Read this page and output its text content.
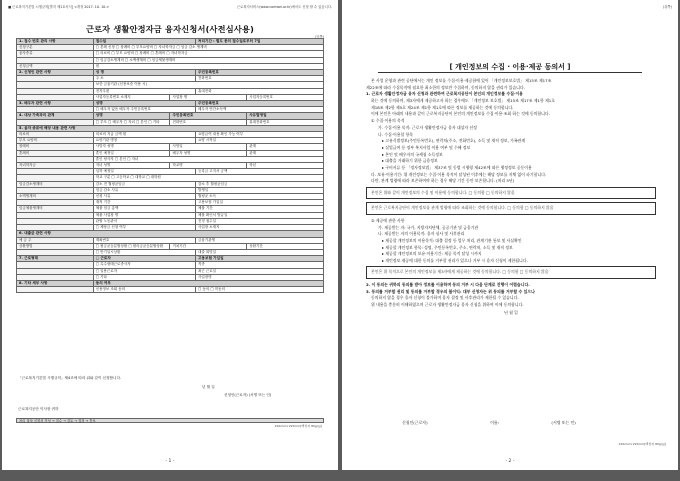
■ 근로복지기본법 시행규칙[별지 제1호서식] <개정 2017. 10. 10.>	근로복지서비스(www.comwel.or.kr)에서도 신청 할 수 있습니다.
근로자 생활안정자금 융자신청서(사전심사용)
(앞쪽)
1. 접수 번호 관리 사항	접수일		처리기간 : 별도 문의 접수일로부터 7일	
신청구분	□ 혼례 신청 □ 장례비 □ 부모요양비 □ 자녀학자금 □ 임금 감소 생계비			
융자종류	□ 의료비 □ 부모 요양비 □ 장례비 □ 혼례비 □ 자녀학자금			
	□ 임금감소생계비 □ 소액생계비 □ 임금체불생계비			
신청금액	원			
2. 신청인 관련 사항	성 명		주민등록번호	
	주 소		전화번호	
	보증 금융기관 (신용보증 이용 시)			
	전자우편		휴대전화	
	사업자등록번호 소재지	사업장 명		사업자등록번호
3. 배우자 관련 사항	성명		주민등록번호	
	□ 배우자 없음 배우자 주민등록번호		배우자 연간소득액	
4. 대상 가족과의 관계	성명	주민등록번호		사유발생일
	□ 부모 □ 배우자 □ 자녀 □ 본인 □ 기타	전화번호		휴대전화번호
5. 융자 종류에 해당 내용 관련 사항				
의료비	의료비 지급 금액 원		요양급여 내용 확인 가능 여부	
부모 요양비	요양기관 명칭		요양 시작일	
장례비	사망자 성명	사망일		관계
혼례비	혼인 예정일	배우자 성명		관계
	혼인 당사자 □ 본인 □ 자녀			
자녀학자금	자녀 성명	학교명		학년
	입학 예정일		등록금 고지서 금액	
	학교 구분 □ 고등학교 □ 대학교 □ 대학원			
임금감소생계비	감소 전 월평균임금		감소 후 월평균임금	
	임금 감소 사유		발생일	
소액생계비	신청 사유		월평균 소득	
	재직 기간		고용보험 가입일	
임금체불생계비	체불 임금 총액		체불 기간	
	체불 사업장 명		체불 확인서 발급일	
	관할 노동관서		진정 접수일	
	□ 체당금 신청 여부		사업장 소재지	
6. 대출금 관련 사항				
예 금 주	계좌번호		금융기관명	
상환방법	□ 원금균등분할상환 □ 원리금균등분할상환	거치기간		상환기간
	□ 만기일시상환		대출 희망일	
7. 근로형태	□ 근로자		고용보험 가입일	
	□ 특수형태근로종사자		직종	
	□ 일용근로자		최근 근로일	
	□ 기타		사업장명	
8. 기타 세부 사항	동의 여부			
	신용정보 조회 동의		□ 동의 □ 미동의	
「근로복지기본법 시행규칙」제4조에 따라 위와 같이 신청합니다.
년 월 일
신청인(근로자) (서명 또는 인)
근로복지공단 이사장 귀하
처리 절차 신청서 작성 → 접수 → 검토 → 결정 → 통보
210mm×297mm[백상지 80g/㎡]
- 1 -
(뒤쪽)
[ 개인정보의 수집 · 이용·제공 동의서 ]

본 사업 운영과 관련 공단에서는 개인 정보를 수집·이용·제공함에 있어 「개인정보보호법」 제15조 제17조

제22조에 따라 수집목적에 필요한 최소한의 정보만 수집하며, 동의하지 않을 권리가 있습니다.

1. 근로자 생활안정자금 융자 신청과 관련하여 근로복지공단이 본인의 개인정보를 수집·이용

하는 것에 동의하며, 제3자에게 제공하고자 하는 경우에도 「개인정보 보호법」 제15조 제17조 제1항 제1호

제18조 제2항 제5호 제24조 제1항 제1호에 따른 정보를 제공하는 것에 동의합니다.

이에 본인은 아래의 내용과 같이 근로복지공단이 본인의 개인정보를 수집·이용·조회 하는 것에 동의합니다.

① 수집·이용의 목적

가. 수집·이용 목적: 근로자 생활안정자금 융자 대상자 선정

나. 수집·이용할 항목

▸ 고유식별정보(주민등록번호), 연락처(주소, 전화번호), 소득 및 재직 정보, 가족관계

▸ 실업급여 등 정부 복지사업 이용 여부 및 수혜 정보

▸ 본인 및 배우자의 국세청 소득정보

▸ 대출을 거래하기 위한 금융정보

▸ 구비서류 등 「정자정보법」 제37조 및 동법 시행령 제42조에 따른 행정정보 공동이용

다. 보유·이용기간: 위 개인정보는 수집·이용 목적이 달성된 이후에는 해당 정보를 지체 없이 파기합니다.

다만, 관계 법령에 따라 보존하여야 하는 경우 해당 기간 동안 보존합니다. (처리 5년)

본인은 위와 같이 개인정보의 수집 및 이용에 동의합니다. □ 동의함 □ 동의하지 않음

본인은 근로복지공단이 개인정보를 관계 법령에 따라 조회하는 것에 동의합니다. □ 동의함 □ 동의하지 않음

② 제공에 관한 사항

가. 제공받는 자: 국가, 지방자치단체, 공공기관 및 금융기관

나. 제공받는 자의 이용목적: 융자 심사 및 사후관리

▸ 제공할 개인정보의 이용목적: 대출 결정 등 업무 처리, 관계기관 통보 및 사실확인

▸ 제공할 개인정보 항목: 성명, 주민등록번호, 주소, 연락처, 소득 및 재직 정보

▸ 제공할 개인정보의 보유·이용기간: 제공 목적 달성 시까지

▸ 개인정보 제공에 대한 동의를 거부할 권리가 있으나 거부 시 융자 신청이 제한됩니다.

본인은 위 목적으로 본인의 개인정보를 제3자에게 제공하는 것에 동의합니다. □ 동의함 □ 동의하지 않음

2. 이 동의는 귀하의 동의를 받아 정보를 이용하며 동의 거부 시 다음 단계로 진행이 어렵습니다.

3. 동의를 거부할 권리 및 동의를 거부할 경우의 불이익: 대부 신청자는 위 동의를 거부할 수 있으나

동의하지 않을 경우 융자 신청이 불가하며 융자 결정 및 사후관리가 제한될 수 있습니다.

위 내용을 충분히 이해하였으며 근로자 생활안정자금 융자 신청을 위하여 이에 동의합니다.

년 월 일

신청인(근로자)	이름:	(서명 또는 인)
210mm×297mm[백상지 80g/㎡]
- 2 -
